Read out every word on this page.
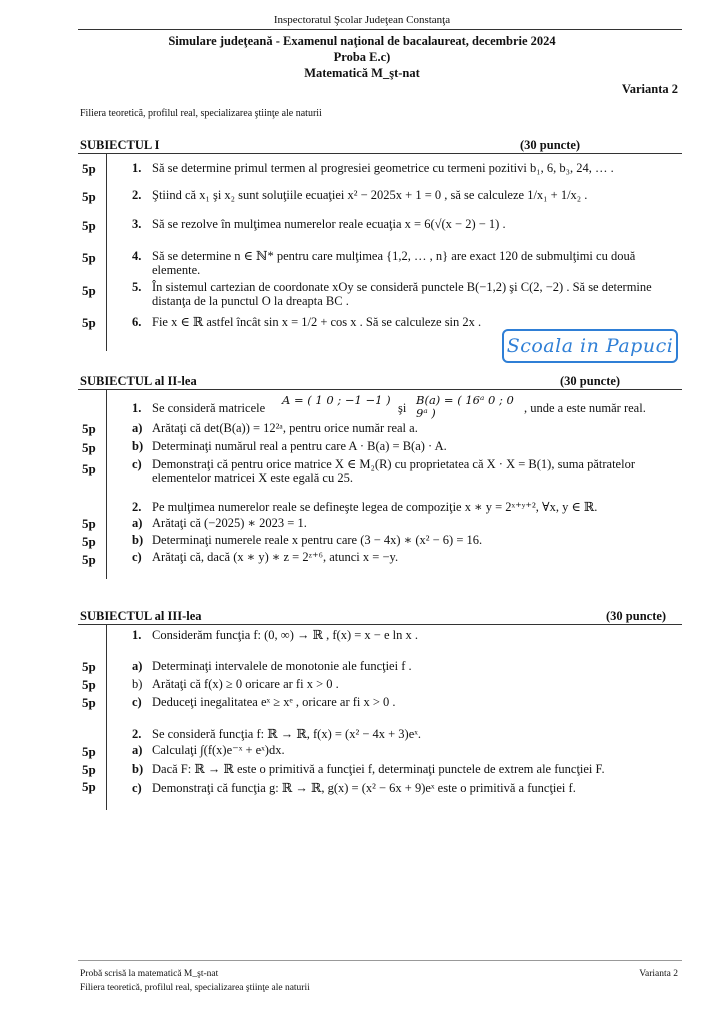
Inspectoratul Şcolar Judeţean Constanţa
Simulare judeţeană - Examenul naţional de bacalaureat, decembrie 2024
Proba E.c)
Matematică M_şt-nat
Varianta 2
Filiera teoretică, profilul real, specializarea ştiinţe ale naturii
SUBIECTUL I	(30 puncte)
5p	1. Să se determine primul termen al progresiei geometrice cu termeni pozitivi b₁, 6, b₃, 24, … .
5p	2. Ştiind că x₁ şi x₂ sunt soluţiile ecuaţiei x² − 2025x + 1 = 0 , să se calculeze 1/x₁ + 1/x₂ .
5p	3. Să se rezolve în mulţimea numerelor reale ecuaţia x = 6(√(x − 2) − 1) .
5p	4. Să se determine n ∈ ℕ* pentru care mulţimea {1,2, … , n} are exact 120 de submulţimi cu două elemente.
5p	5. În sistemul cartezian de coordonate xOy se consideră punctele B(−1,2) şi C(2, −2) . Să se determine distanţa de la punctul O la dreapta BC .
5p	6. Fie x ∈ ℝ astfel încât sin x = 1/2 + cos x . Să se calculeze sin 2x .
Scoala in Papuci
SUBIECTUL al II-lea	(30 puncte)
1. Se consideră matricele
A = ( 1 0 ; −1 −1 )
şi
B(a) = ( 16ᵃ 0 ; 0 9ᵃ )	, unde a este număr real.
5p	a) Arătaţi că det(B(a)) = 12²ᵃ, pentru orice număr real a.
5p	b) Determinaţi numărul real a pentru care A · B(a) = B(a) · A.
5p	c) Demonstraţi că pentru orice matrice X ∈ M₂(R) cu proprietatea că X · X = B(1), suma pătratelor elementelor matricei X este egală cu 25.
2. Pe mulţimea numerelor reale se defineşte legea de compoziţie x ∗ y = 2ˣ⁺ʸ⁺², ∀x, y ∈ ℝ.
5p	a) Arătaţi că (−2025) ∗ 2023 = 1.
5p	b) Determinaţi numerele reale x pentru care (3 − 4x) ∗ (x² − 6) = 16.
5p	c) Arătaţi că, dacă (x ∗ y) ∗ z = 2ᶻ⁺⁶, atunci x = −y.
SUBIECTUL al III-lea	(30 puncte)
1. Considerăm funcţia f: (0, ∞) → ℝ , f(x) = x − e ln x .
5p	a) Determinaţi intervalele de monotonie ale funcţiei f .
5p	b) Arătaţi că f(x) ≥ 0 oricare ar fi x > 0 .
5p	c) Deduceţi inegalitatea eˣ ≥ xᵉ , oricare ar fi x > 0 .
2. Se consideră funcţia f: ℝ → ℝ, f(x) = (x² − 4x + 3)eˣ.
5p	a) Calculaţi ∫(f(x)e⁻ˣ + eˣ)dx.
5p	b) Dacă F: ℝ → ℝ este o primitivă a funcţiei f, determinaţi punctele de extrem ale funcţiei F.
5p	c) Demonstraţi că funcţia g: ℝ → ℝ, g(x) = (x² − 6x + 9)eˣ este o primitivă a funcţiei f.
Probă scrisă la matematică M_şt-nat	Varianta 2
Filiera teoretică, profilul real, specializarea ştiinţe ale naturii
